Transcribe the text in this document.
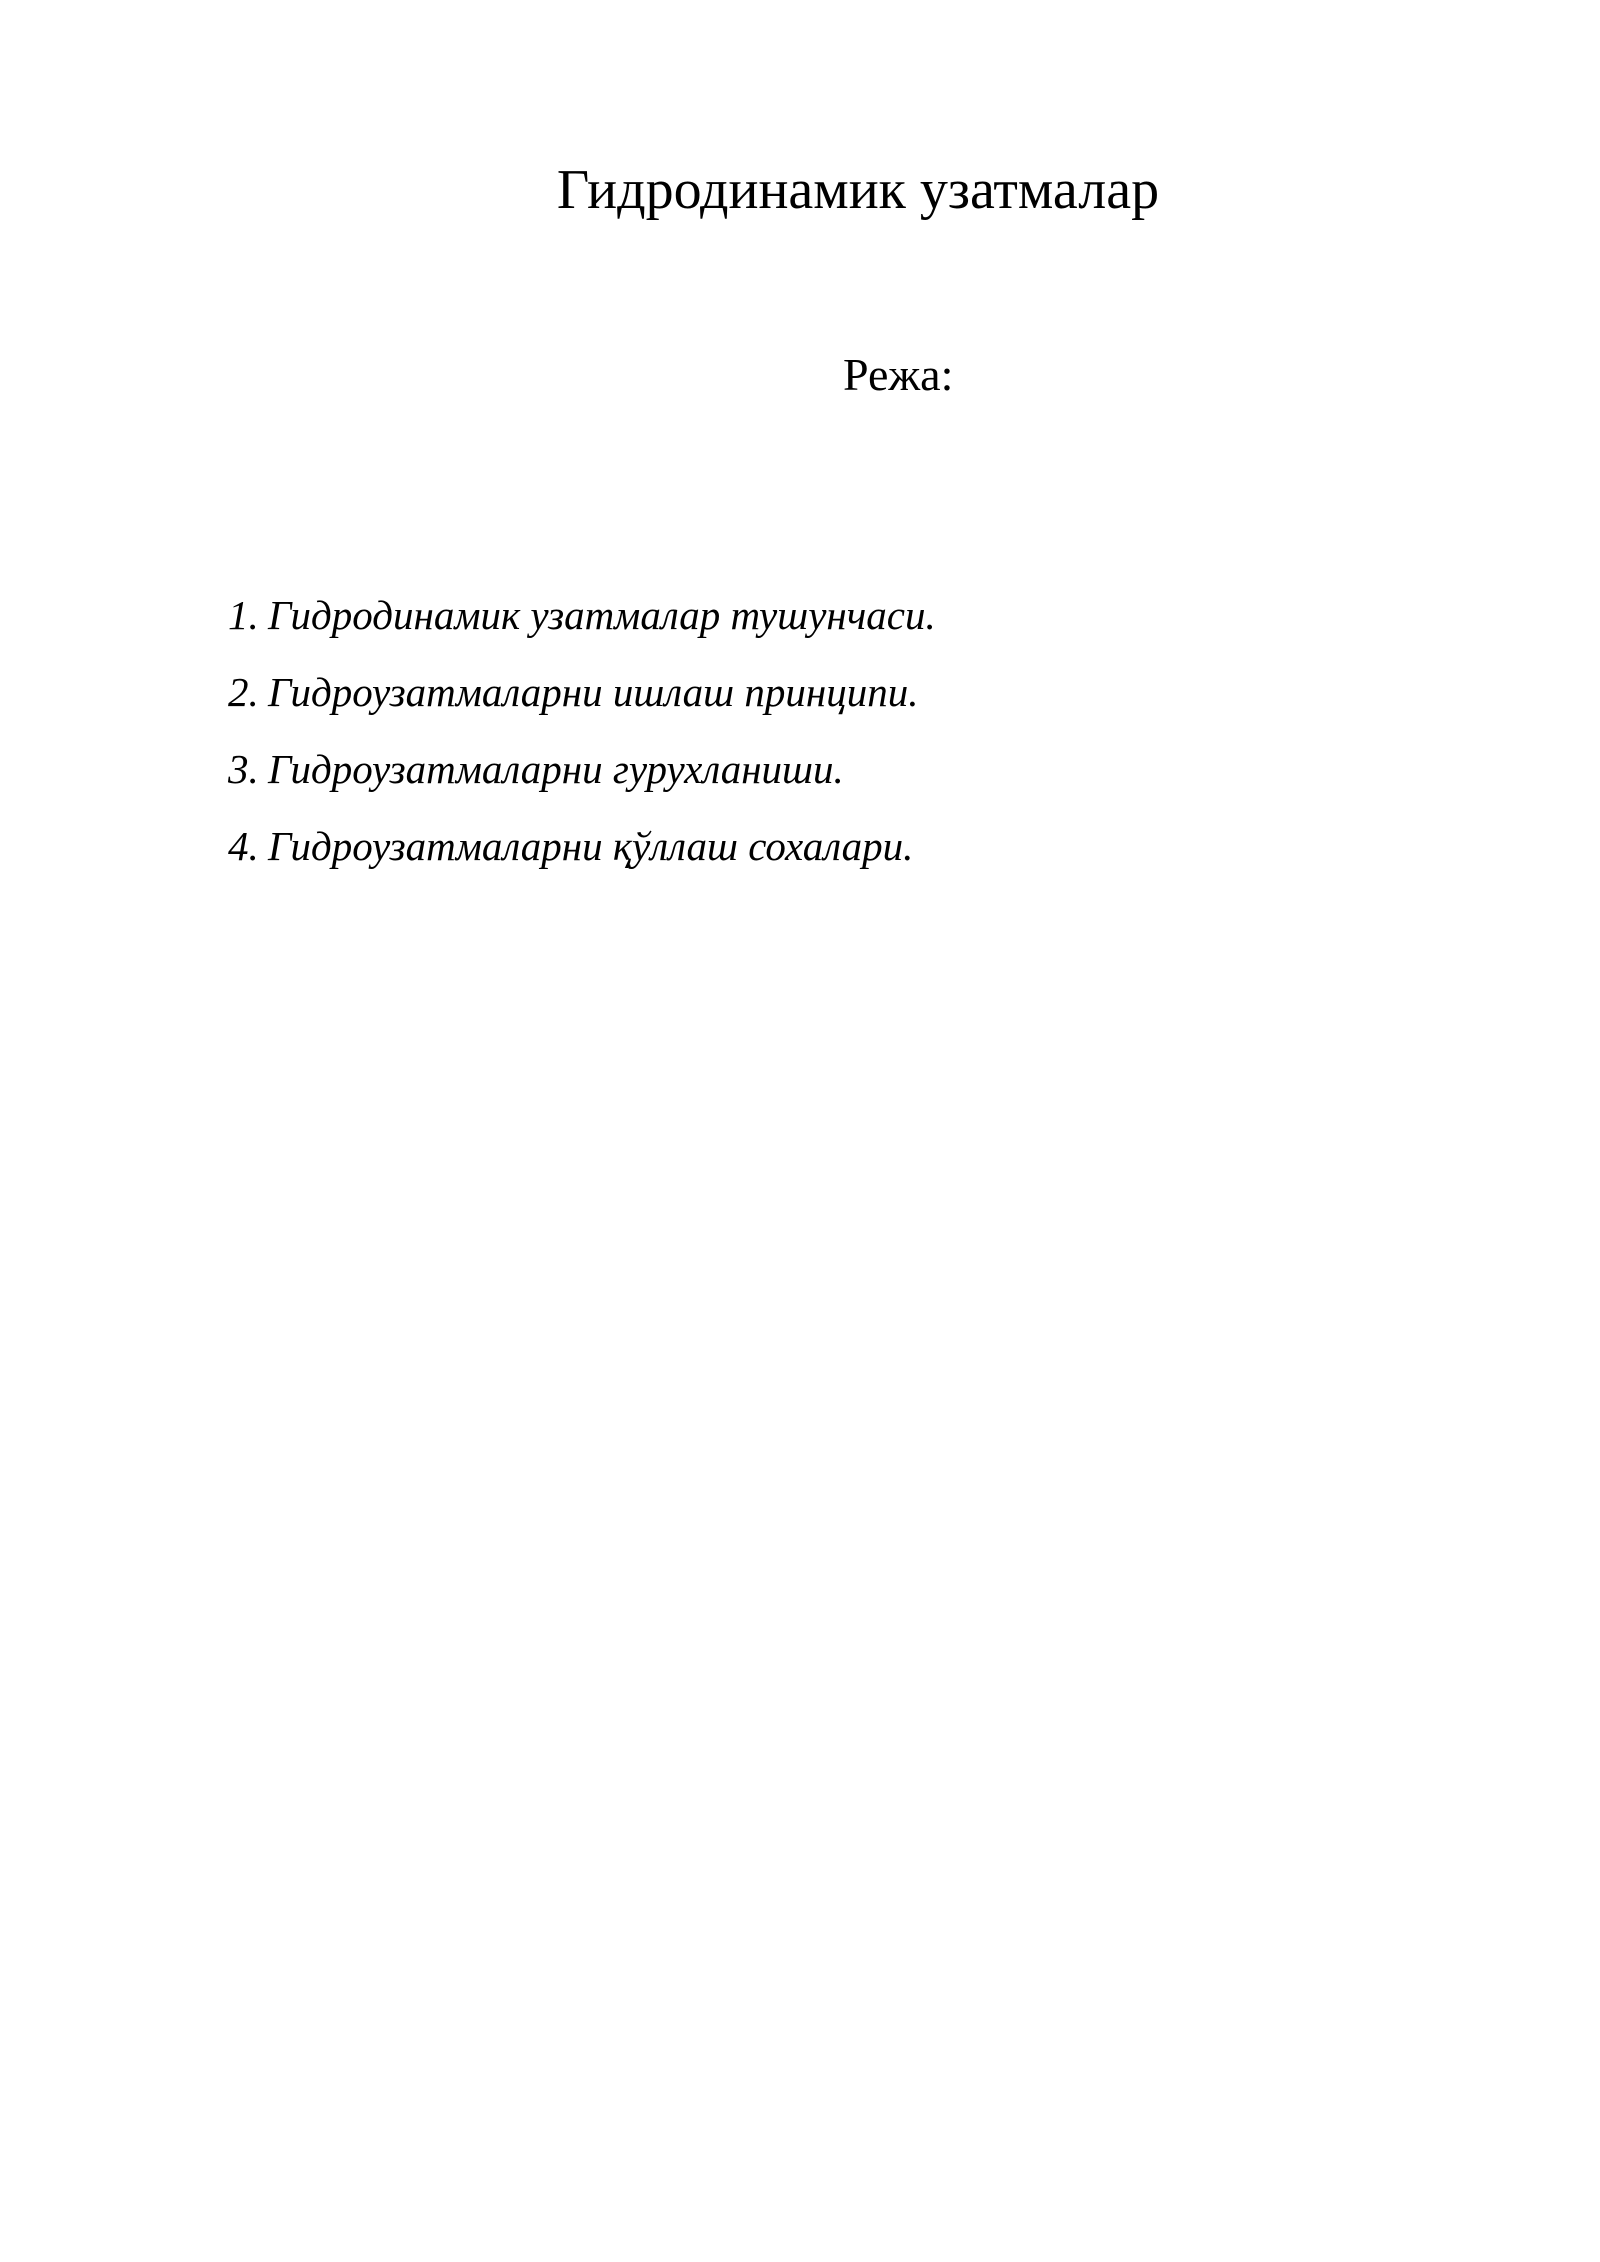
Гидродинамик узатмалар

Режа:

1. Гидродинамик узатмалар тушунчаси.
2. Гидроузатмаларни ишлаш принципи.
3. Гидроузатмаларни гурухланиши.
4. Гидроузатмаларни қўллаш сохалари.
